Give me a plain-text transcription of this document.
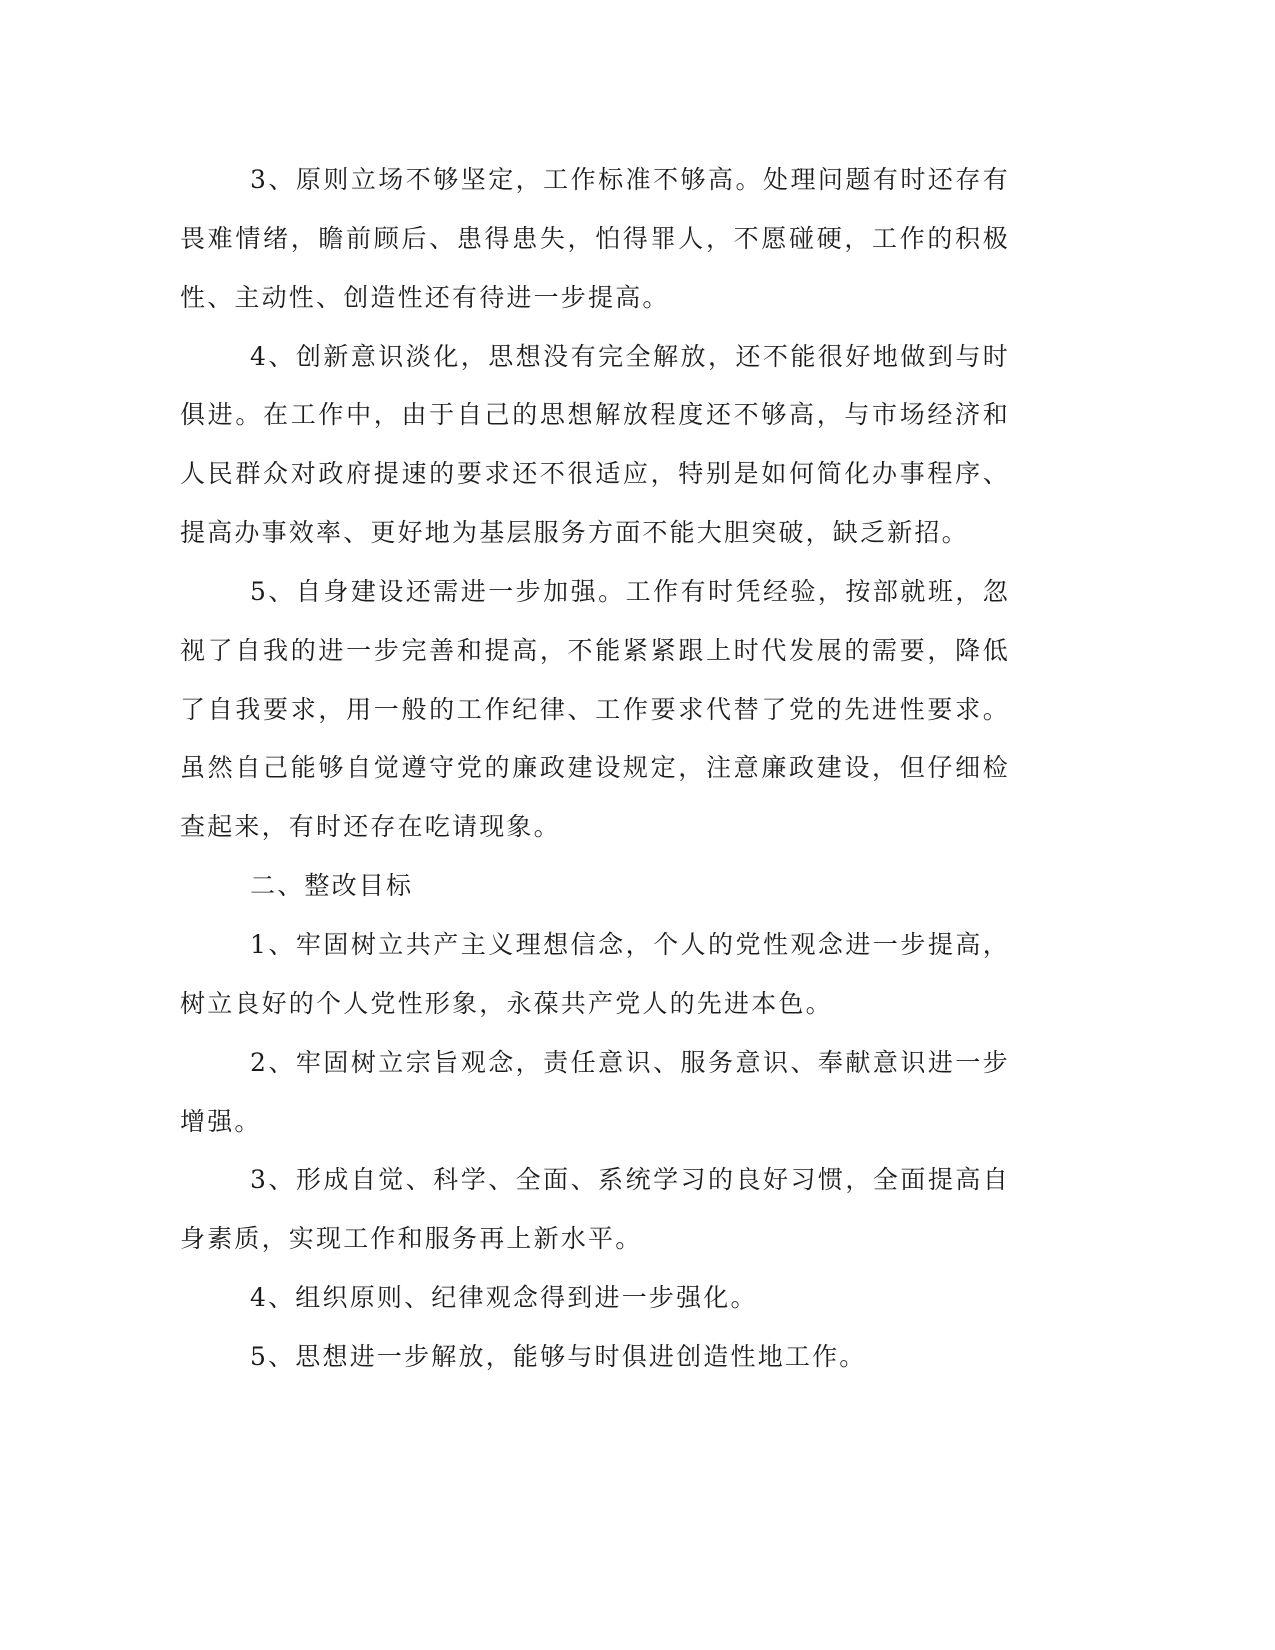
3、原则立场不够坚定，工作标准不够高。处理问题有时还存有
畏难情绪，瞻前顾后、患得患失，怕得罪人，不愿碰硬，工作的积极
性、主动性、创造性还有待进一步提高。
4、创新意识淡化，思想没有完全解放，还不能很好地做到与时
俱进。在工作中，由于自己的思想解放程度还不够高，与市场经济和
人民群众对政府提速的要求还不很适应，特别是如何简化办事程序、
提高办事效率、更好地为基层服务方面不能大胆突破，缺乏新招。
5、自身建设还需进一步加强。工作有时凭经验，按部就班，忽
视了自我的进一步完善和提高，不能紧紧跟上时代发展的需要，降低
了自我要求，用一般的工作纪律、工作要求代替了党的先进性要求。
虽然自己能够自觉遵守党的廉政建设规定，注意廉政建设，但仔细检
查起来，有时还存在吃请现象。
二、整改目标
1、牢固树立共产主义理想信念，个人的党性观念进一步提高，
树立良好的个人党性形象，永葆共产党人的先进本色。
2、牢固树立宗旨观念，责任意识、服务意识、奉献意识进一步
增强。
3、形成自觉、科学、全面、系统学习的良好习惯，全面提高自
身素质，实现工作和服务再上新水平。
4、组织原则、纪律观念得到进一步强化。
5、思想进一步解放，能够与时俱进创造性地工作。
